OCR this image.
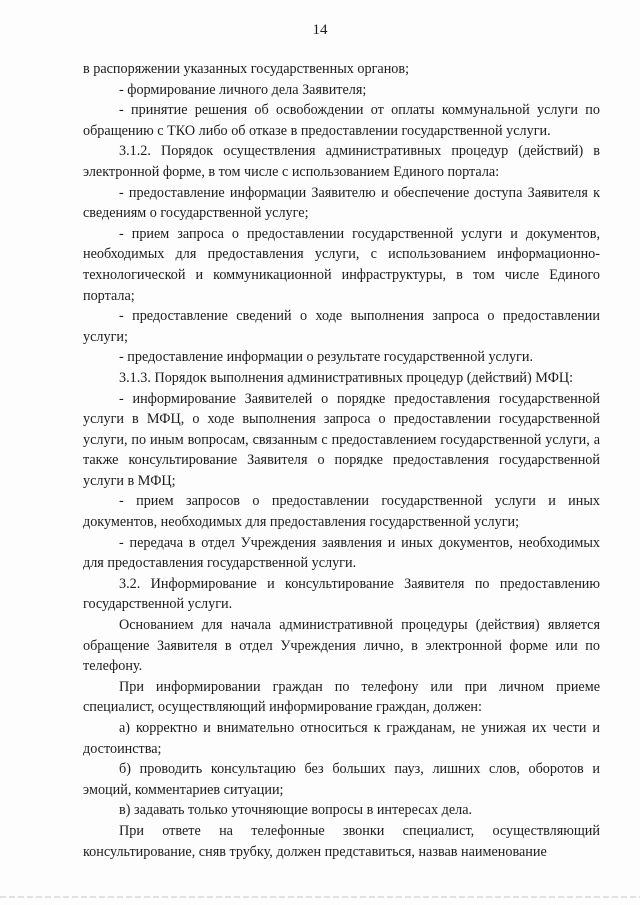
14

в распоряжении указанных государственных органов;

- формирование личного дела Заявителя;

- принятие решения об освобождении от оплаты коммунальной услуги по обращению с ТКО либо об отказе в предоставлении государственной услуги.

3.1.2. Порядок осуществления административных процедур (действий) в электронной форме, в том числе с использованием Единого портала:

- предоставление информации Заявителю и обеспечение доступа Заявителя к сведениям о государственной услуге;

- прием запроса о предоставлении государственной услуги и документов, необходимых для предоставления услуги, с использованием информационно-технологической и коммуникационной инфраструктуры, в том числе Единого портала;

- предоставление сведений о ходе выполнения запроса о предоставлении услуги;

- предоставление информации о результате государственной услуги.

3.1.3. Порядок выполнения административных процедур (действий) МФЦ:

- информирование Заявителей о порядке предоставления государственной услуги в МФЦ, о ходе выполнения запроса о предоставлении государственной услуги, по иным вопросам, связанным с предоставлением государственной услуги, а также консультирование Заявителя о порядке предоставления государственной услуги в МФЦ;

- прием запросов о предоставлении государственной услуги и иных документов, необходимых для предоставления государственной услуги;

- передача в отдел Учреждения заявления и иных документов, необходимых для предоставления государственной услуги.

3.2. Информирование и консультирование Заявителя по предоставлению государственной услуги.

Основанием для начала административной процедуры (действия) является обращение Заявителя в отдел Учреждения лично, в электронной форме или по телефону.

При информировании граждан по телефону или при личном приеме специалист, осуществляющий информирование граждан, должен:

а) корректно и внимательно относиться к гражданам, не унижая их чести и достоинства;

б) проводить консультацию без больших пауз, лишних слов, оборотов и эмоций, комментариев ситуации;

в) задавать только уточняющие вопросы в интересах дела.

При ответе на телефонные звонки специалист, осуществляющий консультирование, сняв трубку, должен представиться, назвав наименование
